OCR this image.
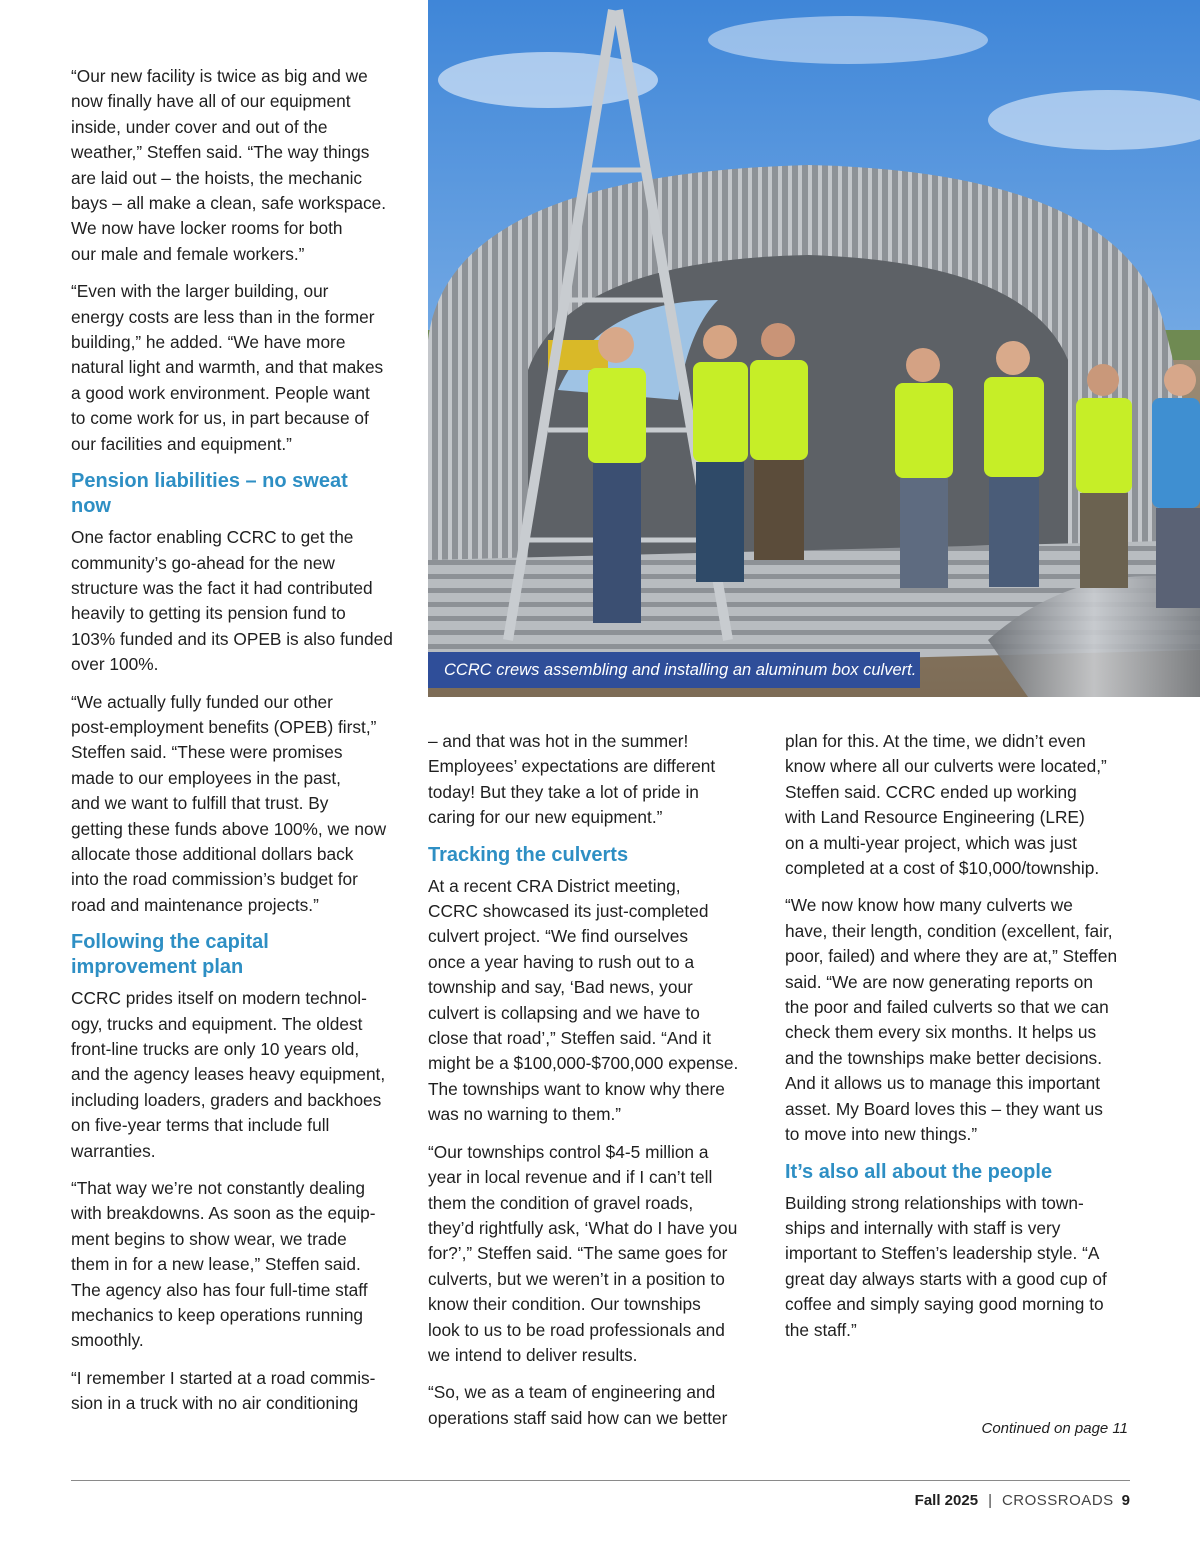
“Our new facility is twice as big and we
now finally have all of our equipment
inside, under cover and out of the
weather,” Steffen said. “The way things
are laid out – the hoists, the mechanic
bays – all make a clean, safe workspace.
We now have locker rooms for both
our male and female workers.”

“Even with the larger building, our
energy costs are less than in the former
building,” he added. “We have more
natural light and warmth, and that makes
a good work environment. People want
to come work for us, in part because of
our facilities and equipment.”

Pension liabilities – no sweat
now

One factor enabling CCRC to get the
community’s go-ahead for the new
structure was the fact it had contributed
heavily to getting its pension fund to
103% funded and its OPEB is also funded
over 100%.

“We actually fully funded our other
post-employment benefits (OPEB) first,”
Steffen said. “These were promises
made to our employees in the past,
and we want to fulfill that trust. By
getting these funds above 100%, we now
allocate those additional dollars back
into the road commission’s budget for
road and maintenance projects.”

Following the capital
improvement plan

CCRC prides itself on modern technol-
ogy, trucks and equipment. The oldest
front-line trucks are only 10 years old,
and the agency leases heavy equipment,
including loaders, graders and backhoes
on five-year terms that include full
warranties.

“That way we’re not constantly dealing
with breakdowns. As soon as the equip-
ment begins to show wear, we trade
them in for a new lease,” Steffen said.
The agency also has four full-time staff
mechanics to keep operations running
smoothly.

“I remember I started at a road commis-
sion in a truck with no air conditioning

CCRC crews assembling and installing an aluminum box culvert.

– and that was hot in the summer!
Employees’ expectations are different
today! But they take a lot of pride in
caring for our new equipment.”

Tracking the culverts

At a recent CRA District meeting,
CCRC showcased its just-completed
culvert project. “We find ourselves
once a year having to rush out to a
township and say, ‘Bad news, your
culvert is collapsing and we have to
close that road’,” Steffen said. “And it
might be a $100,000-$700,000 expense.
The townships want to know why there
was no warning to them.”

“Our townships control $4-5 million a
year in local revenue and if I can’t tell
them the condition of gravel roads,
they’d rightfully ask, ‘What do I have you
for?’,” Steffen said. “The same goes for
culverts, but we weren’t in a position to
know their condition. Our townships
look to us to be road professionals and
we intend to deliver results.

“So, we as a team of engineering and
operations staff said how can we better

plan for this. At the time, we didn’t even
know where all our culverts were located,”
Steffen said. CCRC ended up working
with Land Resource Engineering (LRE)
on a multi-year project, which was just
completed at a cost of $10,000/township.

“We now know how many culverts we
have, their length, condition (excellent, fair,
poor, failed) and where they are at,” Steffen
said. “We are now generating reports on
the poor and failed culverts so that we can
check them every six months. It helps us
and the townships make better decisions.
And it allows us to manage this important
asset. My Board loves this – they want us
to move into new things.”

It’s also all about the people

Building strong relationships with town-
ships and internally with staff is very
important to Steffen’s leadership style. “A
great day always starts with a good cup of
coffee and simply saying good morning to
the staff.”

Continued on page 11
Fall 2025 | CROSSROADS 9
